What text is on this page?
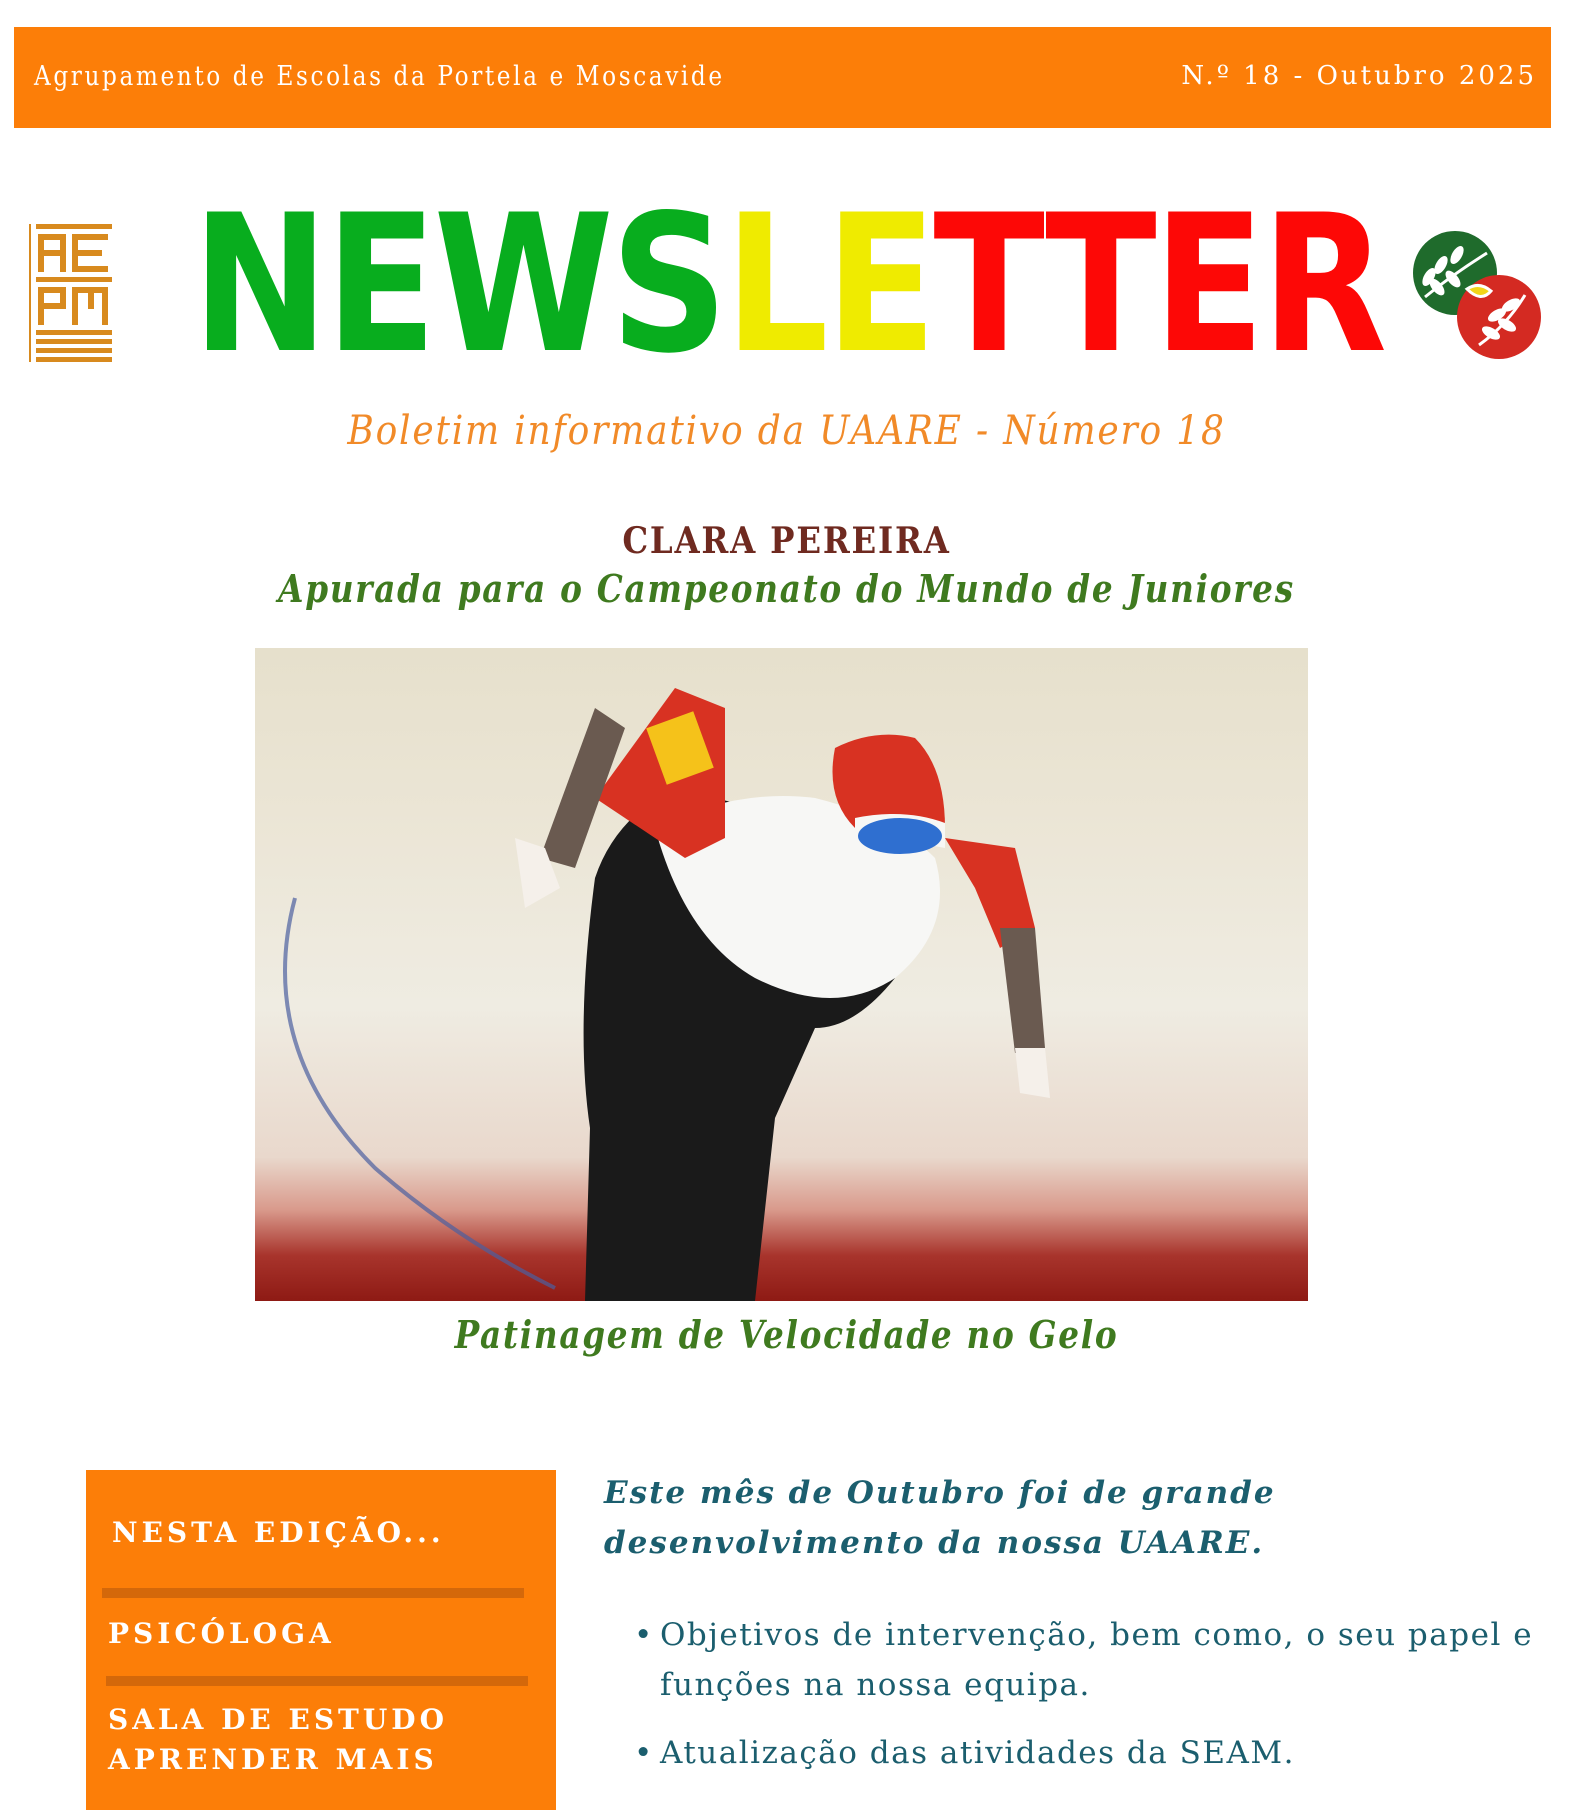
Agrupamento de Escolas da Portela e Moscavide	N.º 18 - Outubro 2025
NEWSLETTER
Boletim informativo da UAARE - Número 18
CLARA PEREIRA
Apurada para o Campeonato do Mundo de Juniores
Patinagem de Velocidade no Gelo
NESTA EDIÇÃO...
PSICÓLOGA
SALA DE ESTUDO
APRENDER MAIS
Este mês de Outubro foi de grande desenvolvimento da nossa UAARE.
• Objetivos de intervenção, bem como, o seu papel e funções na nossa equipa.
• Atualização das atividades da SEAM.
